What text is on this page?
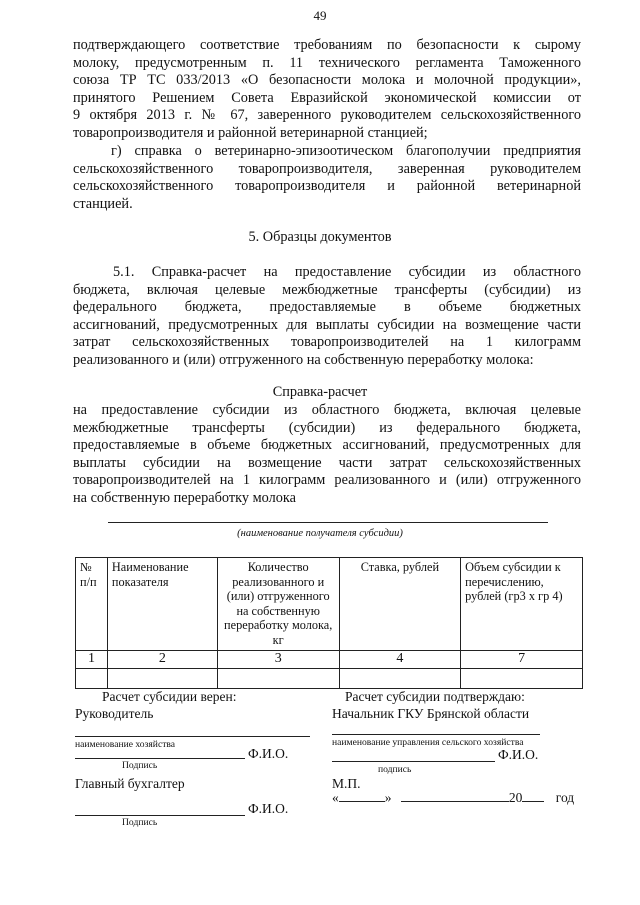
49
подтверждающего соответствие требованиям по безопасности к сырому
молоку, предусмотренным п. 11 технического регламента Таможенного
союза ТР ТС 033/2013 «О безопасности молока и молочной продукции»,
принятого Решением Совета Евразийской экономической комиссии от
9 октября 2013 г. № 67, заверенного руководителем сельскохозяйственного
товаропроизводителя и районной ветеринарной станцией;
г) справка о ветеринарно-эпизоотическом благополучии предприятия
сельскохозяйственного товаропроизводителя, заверенная руководителем
сельскохозяйственного товаропроизводителя и районной ветеринарной
станцией.
5. Образцы документов
5.1. Справка-расчет на предоставление субсидии из областного
бюджета, включая целевые межбюджетные трансферты (субсидии) из
федерального бюджета, предоставляемые в объеме бюджетных
ассигнований, предусмотренных для выплаты субсидии на возмещение части
затрат сельскохозяйственных товаропроизводителей на 1 килограмм
реализованного и (или) отгруженного на собственную переработку молока:
Справка-расчет
на предоставление субсидии из областного бюджета, включая целевые
межбюджетные трансферты (субсидии) из федерального бюджета,
предоставляемые в объеме бюджетных ассигнований, предусмотренных для
выплаты субсидии на возмещение части затрат сельскохозяйственных
товаропроизводителей на 1 килограмм реализованного и (или) отгруженного
на собственную переработку молока
(наименование получателя субсидии)
№ п/п	Наименование показателя	Количество реализованного и (или) отгруженного на собственную переработку молока, кг	Ставка, рублей	Объем субсидии к перечислению, рублей (гр3 х гр 4)
1	2	3	4	7

Расчет субсидии верен:
Руководитель
наименование хозяйства
Ф.И.О.
Подпись
Главный бухгалтер
Ф.И.О.
Подпись
Расчет субсидии подтверждаю:
Начальник ГКУ Брянской области
наименование управления сельского хозяйства
Ф.И.О.
подпись
М.П.
«	»	20 год
